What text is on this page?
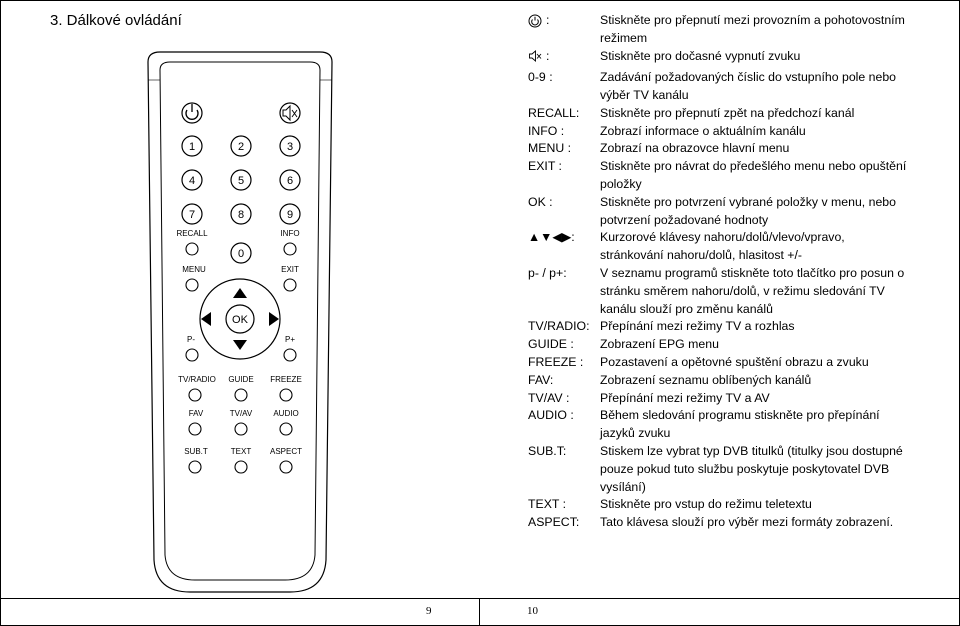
3. Dálkové ovládání
1	2	3
4	5	6
7	8	9
RECALL
0
INFO
MENU	EXIT
OK
P-	P+
TV/RADIO GUIDE FREEZE
FAV	TV/AV	AUDIO
SUB.T	TEXT ASPECT
:	Stiskněte pro přepnutí mezi provozním a pohotovostním
režimem
:	Stiskněte pro dočasné vypnutí zvuku
0-9 :	Zadávání požadovaných číslic do vstupního pole nebo
výběr TV kanálu
RECALL:	Stiskněte pro přepnutí zpět na předchozí kanál
INFO :	Zobrazí informace o aktuálním kanálu
MENU :	Zobrazí na obrazovce hlavní menu
EXIT :	Stiskněte pro návrat do předešlého menu nebo opuštění
položky
OK :	Stiskněte pro potvrzení vybrané položky v menu, nebo
potvrzení požadované hodnoty
▲▼◀▶:	Kurzorové klávesy nahoru/dolů/vlevo/vpravo,
stránkování nahoru/dolů, hlasitost +/-
p- / p+:	V seznamu programů stiskněte toto tlačítko pro posun o
stránku směrem nahoru/dolů, v režimu sledování TV
kanálu slouží pro změnu kanálů
TV/RADIO: Přepínání mezi režimy TV a rozhlas
GUIDE :	Zobrazení EPG menu
FREEZE :	Pozastavení a opětovné spuštění obrazu a zvuku
FAV:	Zobrazení seznamu oblíbených kanálů
TV/AV :	Přepínání mezi režimy TV a AV
AUDIO :	Během sledování programu stiskněte pro přepínání
jazyků zvuku
SUB.T:	Stiskem lze vybrat typ DVB titulků (titulky jsou dostupné
pouze pokud tuto službu poskytuje poskytovatel DVB
vysílání)
TEXT :	Stiskněte pro vstup do režimu teletextu
ASPECT:	Tato klávesa slouží pro výběr mezi formáty zobrazení.
9	10
